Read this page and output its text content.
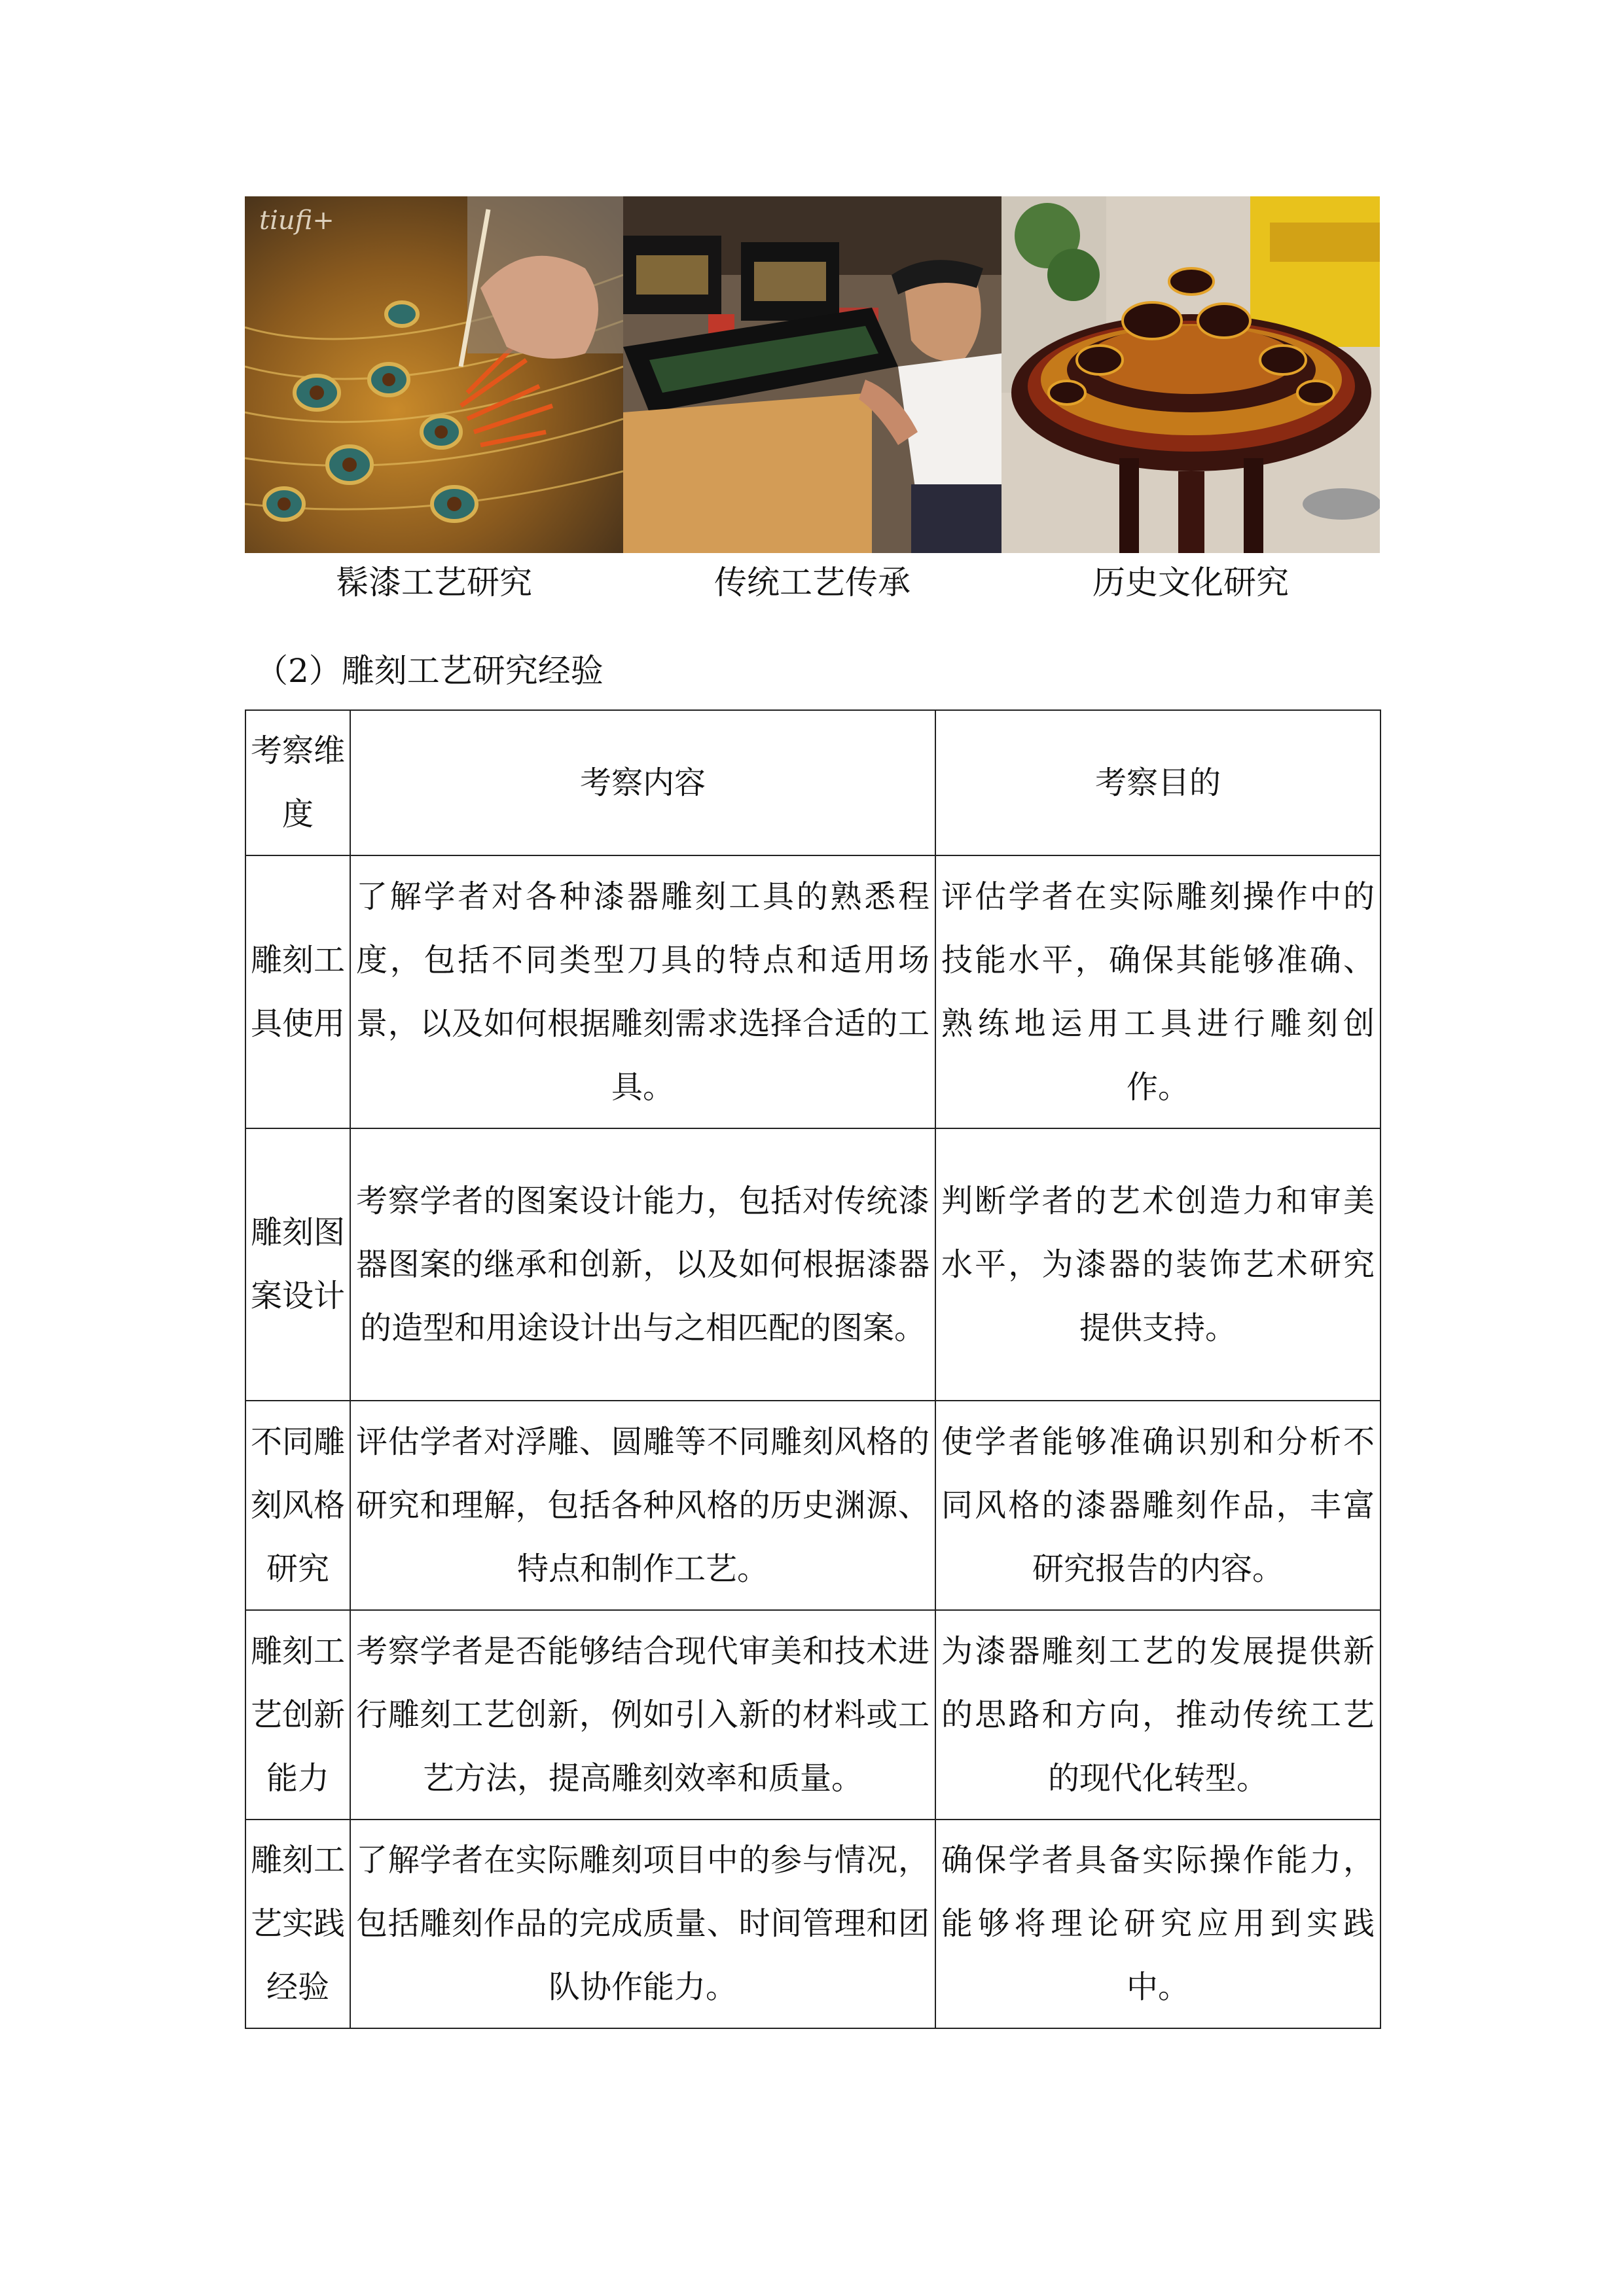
tiufi+
髹漆工艺研究	传统工艺传承	历史文化研究
（2）雕刻工艺研究经验
考察维度	考察内容	考察目的
雕刻工具使用	了解学者对各种漆器雕刻工具的熟悉程度，包括不同类型刀具的特点和适用场景，以及如何根据雕刻需求选择合适的工具。	评估学者在实际雕刻操作中的技能水平，确保其能够准确、熟练地运用工具进行雕刻创作。
雕刻图案设计	考察学者的图案设计能力，包括对传统漆器图案的继承和创新，以及如何根据漆器的造型和用途设计出与之相匹配的图案。	判断学者的艺术创造力和审美水平，为漆器的装饰艺术研究提供支持。
不同雕刻风格研究	评估学者对浮雕、圆雕等不同雕刻风格的研究和理解，包括各种风格的历史渊源、特点和制作工艺。	使学者能够准确识别和分析不同风格的漆器雕刻作品，丰富研究报告的内容。
雕刻工艺创新能力	考察学者是否能够结合现代审美和技术进行雕刻工艺创新，例如引入新的材料或工艺方法，提高雕刻效率和质量。	为漆器雕刻工艺的发展提供新的思路和方向，推动传统工艺的现代化转型。
雕刻工艺实践经验	了解学者在实际雕刻项目中的参与情况，包括雕刻作品的完成质量、时间管理和团队协作能力。	确保学者具备实际操作能力，能够将理论研究应用到实践中。
